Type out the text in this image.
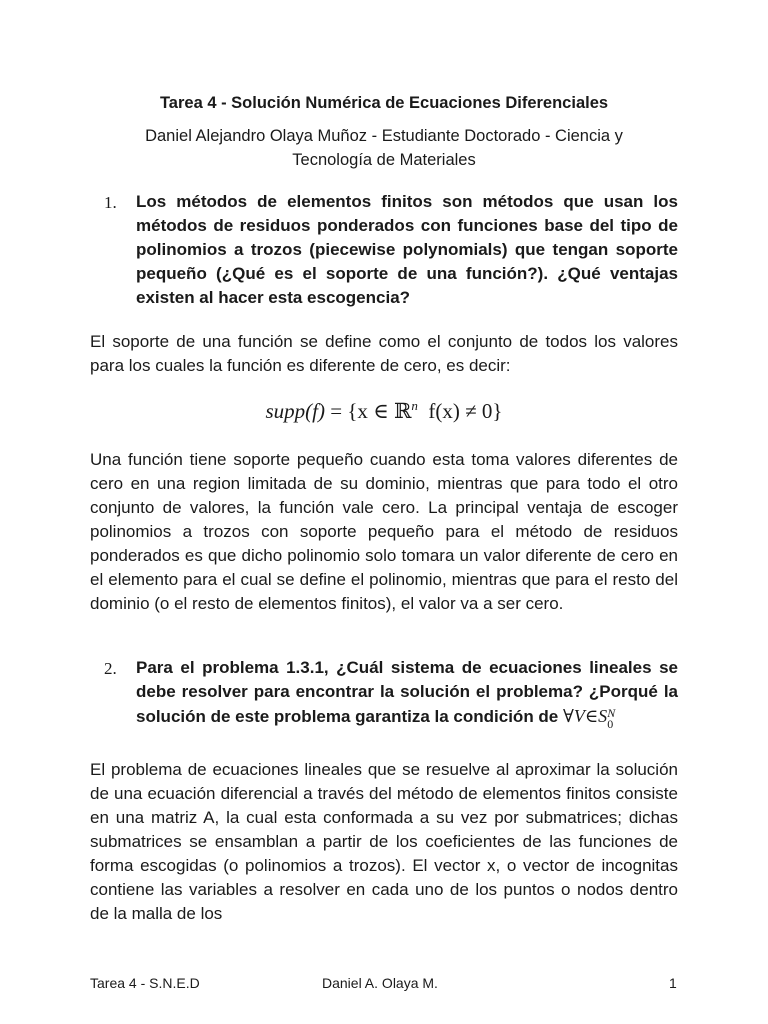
Tarea 4 - Solución Numérica de Ecuaciones Diferenciales
Daniel Alejandro Olaya Muñoz - Estudiante Doctorado - Ciencia y Tecnología de Materiales
1. Los métodos de elementos finitos son métodos que usan los métodos de residuos ponderados con funciones base del tipo de polinomios a trozos (piecewise polynomials) que tengan soporte pequeño (¿Qué es el soporte de una función?). ¿Qué ventajas existen al hacer esta escogencia?
El soporte de una función se define como el conjunto de todos los valores para los cuales la función es diferente de cero, es decir:
supp(f) = {x ∈ ℝ$^n$ f(x) ≠ 0}
Una función tiene soporte pequeño cuando esta toma valores diferentes de cero en una region limitada de su dominio, mientras que para todo el otro conjunto de valores, la función vale cero. La principal ventaja de escoger polinomios a trozos con soporte pequeño para el método de residuos ponderados es que dicho polinomio solo tomara un valor diferente de cero en el elemento para el cual se define el polinomio, mientras que para el resto del dominio (o el resto de elementos finitos), el valor va a ser cero.
2. Para el problema 1.3.1, ¿Cuál sistema de ecuaciones lineales se debe resolver para encontrar la solución el problema? ¿Porqué la solución de este problema garantiza la condición de ∀V∈S N
0
El problema de ecuaciones lineales que se resuelve al aproximar la solución de una ecuación diferencial a través del método de elementos finitos consiste en una matriz A, la cual esta conformada a su vez por submatrices; dichas submatrices se ensamblan a partir de los coeficientes de las funciones de forma escogidas (o polinomios a trozos). El vector x, o vector de incognitas contiene las variables a resolver en cada uno de los puntos o nodos dentro de la malla de los
Tarea 4 - S.N.E.D	Daniel A. Olaya M.	1
